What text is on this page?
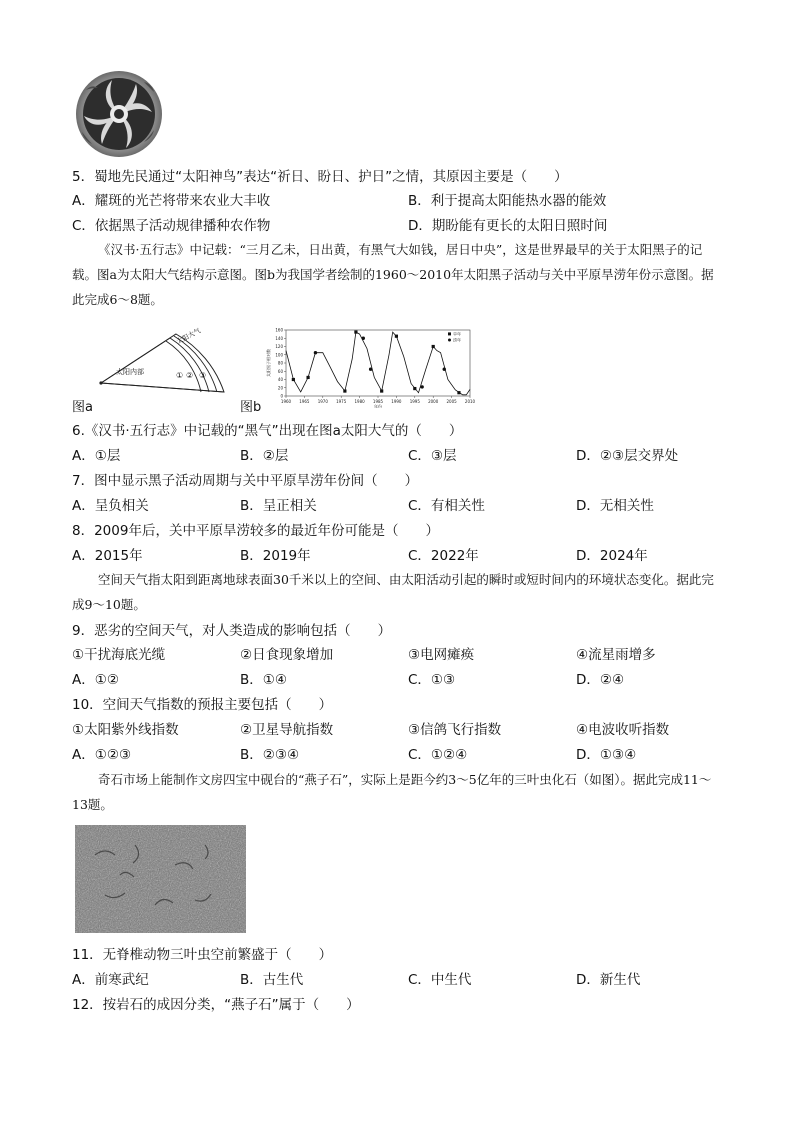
5．蜀地先民通过“太阳神鸟”表达“祈日、盼日、护日”之情，其原因主要是（　　）
A．耀斑的光芒将带来农业大丰收	B．利于提高太阳能热水器的能效
C．依据黑子活动规律播种农作物	D．期盼能有更长的太阳日照时间
《汉书·五行志》中记载：“三月乙未，日出黄，有黑气大如钱，居日中央”，这是世界最早的关于太阳黑子的记载。图a为太阳大气结构示意图。图b为我国学者绘制的1960～2010年太阳黑子活动与关中平原旱涝年份示意图。据此完成6～8题。
太阳内部
太阳大气
① ② ③
图a
0
20
40
60
80
100
120
140
160
1960 1965 1970 1975 1980 1985 1990 1995 2000 2005 2010
年份
太阳黑子相对数
旱年
涝年
图b
6.《汉书·五行志》中记载的“黑气”出现在图a太阳大气的（　　）
A．①层	B．②层	C．③层	D．②③层交界处
7．图中显示黑子活动周期与关中平原旱涝年份间（　　）
A．呈负相关	B．呈正相关	C．有相关性	D．无相关性
8．2009年后，关中平原旱涝较多的最近年份可能是（　　）
A．2015年	B．2019年	C．2022年	D．2024年
空间天气指太阳到距离地球表面30千米以上的空间、由太阳活动引起的瞬时或短时间内的环境状态变化。据此完成9～10题。
9．恶劣的空间天气，对人类造成的影响包括（　　）
①干扰海底光缆	②日食现象增加	③电网瘫痪	④流星雨增多
A．①②	B．①④	C．①③	D．②④
10．空间天气指数的预报主要包括（　　）
①太阳紫外线指数	②卫星导航指数	③信鸽飞行指数	④电波收听指数
A．①②③	B．②③④	C．①②④	D．①③④
奇石市场上能制作文房四宝中砚台的“燕子石”，实际上是距今约3～5亿年的三叶虫化石（如图）。据此完成11～13题。
11．无脊椎动物三叶虫空前繁盛于（　　）
A．前寒武纪	B．古生代	C．中生代	D．新生代
12．按岩石的成因分类，“燕子石”属于（　　）
